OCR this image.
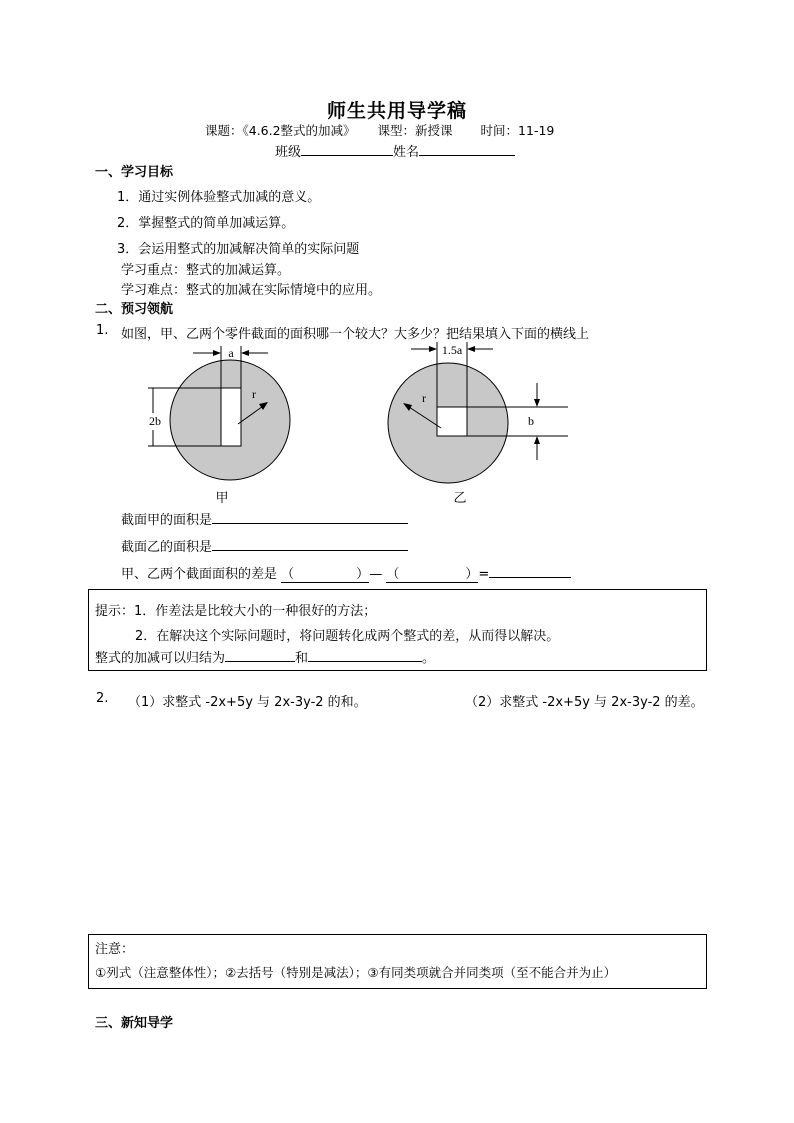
师生共用导学稿
课题：《4.6.2整式的加减》 课型：新授课 时间：11-19
班级	姓名
一、学习目标
1．通过实例体验整式加减的意义。
2．掌握整式的简单加减运算。
3．会运用整式的加减解决简单的实际问题
学习重点：整式的加减运算。
学习难点：整式的加减在实际情境中的应用。
二、预习领航
1. 如图，甲、乙两个零件截面的面积哪一个较大？大多少？把结果填入下面的横线上
a
2b
r
甲
1.5a
b
r
乙
截面甲的面积是
截面乙的面积是
甲、乙两个截面面积的差是 （	）— （	）=
提示：1．作差法是比较大小的一种很好的方法；
2．在解决这个实际问题时，将问题转化成两个整式的差，从而得以解决。
整式的加减可以归结为	和	。
2. （1）求整式 -2x+5y 与 2x-3y-2 的和。	（2）求整式 -2x+5y 与 2x-3y-2 的差。
注意：
①列式（注意整体性）；②去括号（特别是减法）；③有同类项就合并同类项（至不能合并为止）
三、新知导学
